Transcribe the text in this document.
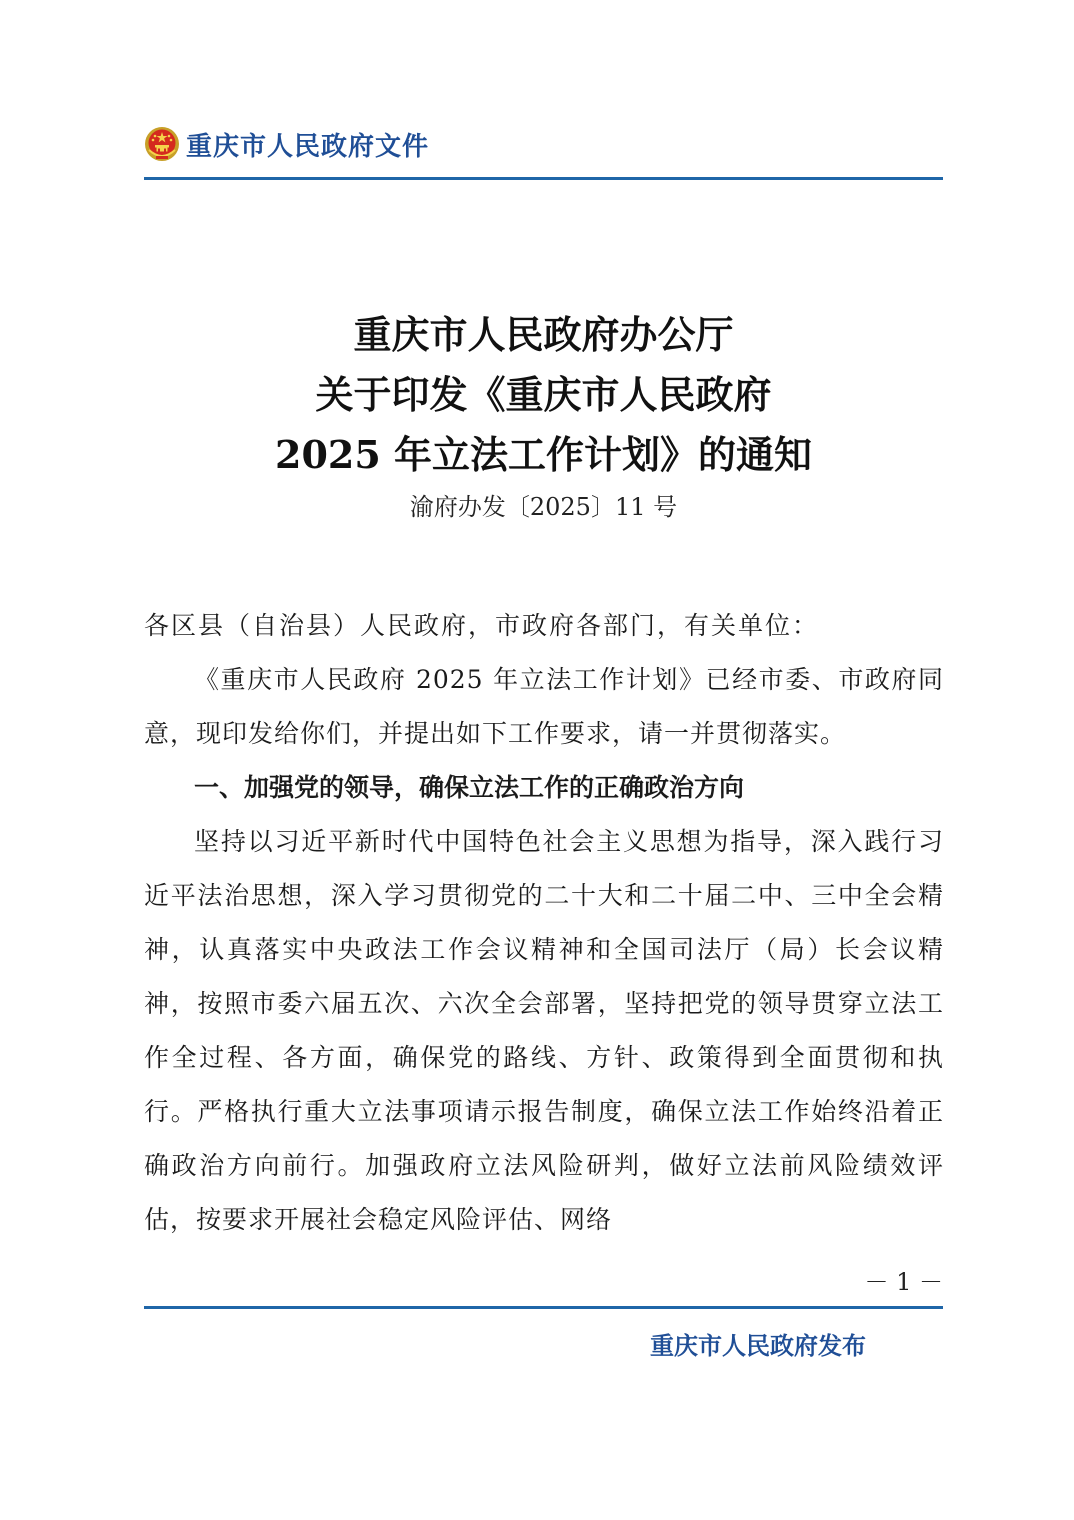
重庆市人民政府文件
重庆市人民政府办公厅
关于印发《重庆市人民政府
2025 年立法工作计划》的通知
渝府办发〔2025〕11 号

各区县（自治县）人民政府，市政府各部门，有关单位：

《重庆市人民政府 2025 年立法工作计划》已经市委、市政府同意，现印发给你们，并提出如下工作要求，请一并贯彻落实。

一、加强党的领导，确保立法工作的正确政治方向

坚持以习近平新时代中国特色社会主义思想为指导，深入践行习近平法治思想，深入学习贯彻党的二十大和二十届二中、三中全会精神，认真落实中央政法工作会议精神和全国司法厅（局）长会议精神，按照市委六届五次、六次全会部署，坚持把党的领导贯穿立法工作全过程、各方面，确保党的路线、方针、政策得到全面贯彻和执行。严格执行重大立法事项请示报告制度，确保立法工作始终沿着正确政治方向前行。加强政府立法风险研判，做好立法前风险绩效评估，按要求开展社会稳定风险评估、网络

－ 1 －
重庆市人民政府发布
